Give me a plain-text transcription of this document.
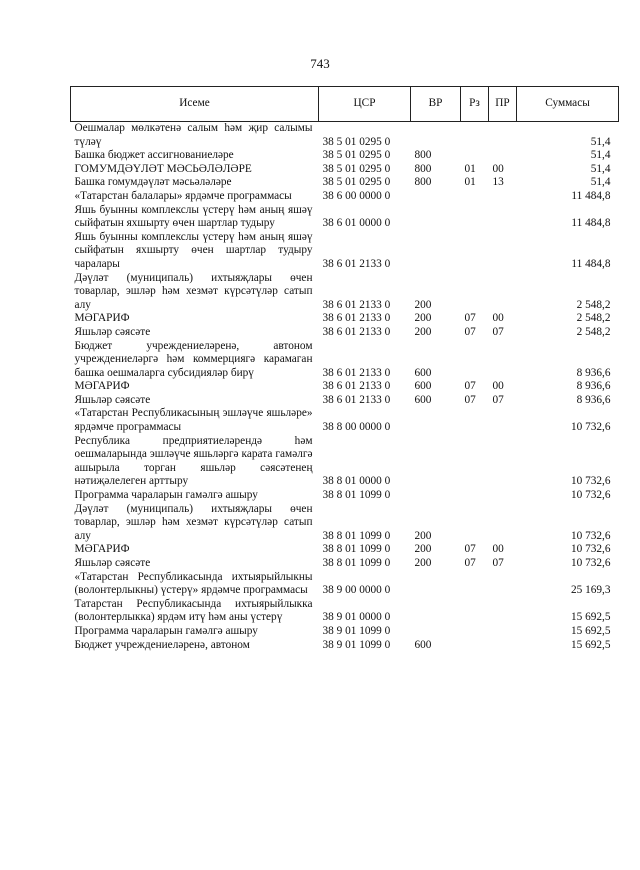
743
Исеме	ЦСР	ВР	Рз	ПР	Суммасы
Оешмалар мөлкәтенә салым һәм җир салымы түләү	38 5 01 0295 0				51,4
Башка бюджет ассигнованиеләре	38 5 01 0295 0	800			51,4
ГОМУМДӘҮЛӘТ МӘСЬӘЛӘЛӘРЕ	38 5 01 0295 0	800	01	00	51,4
Башка гомумдәүләт мәсьәләләре	38 5 01 0295 0	800	01	13	51,4
«Татарстан балалары» ярдәмче программасы	38 6 00 0000 0				11 484,8
Яшь буынны комплекслы үстерү һәм аның яшәү сыйфатын яхшырту өчен шартлар тудыру	38 6 01 0000 0				11 484,8
Яшь буынны комплекслы үстерү һәм аның яшәү сыйфатын яхшырту өчен шартлар тудыру чаралары	38 6 01 2133 0				11 484,8
Дәүләт (муниципаль) ихтыяҗлары өчен товарлар, эшләр һәм хезмәт күрсәтүләр сатып алу	38 6 01 2133 0	200			2 548,2
МӘГАРИФ	38 6 01 2133 0	200	07	00	2 548,2
Яшьләр сәясәте	38 6 01 2133 0	200	07	07	2 548,2
Бюджет учреждениеләренә, автоном учреждениеләргә һәм коммерциягә карамаган башка оешмаларга субсидияләр бирү	38 6 01 2133 0	600			8 936,6
МӘГАРИФ	38 6 01 2133 0	600	07	00	8 936,6
Яшьләр сәясәте	38 6 01 2133 0	600	07	07	8 936,6
«Татарстан Республикасының эшләүче яшьләре» ярдәмче программасы	38 8 00 0000 0				10 732,6
Республика предприятиеләрендә һәм оешмаларында эшләүче яшьләргә карата гамәлгә ашырыла торган яшьләр сәясәтенең нәтиҗәлелеген арттыру	38 8 01 0000 0				10 732,6
Программа чараларын гамәлгә ашыру	38 8 01 1099 0				10 732,6
Дәүләт (муниципаль) ихтыяҗлары өчен товарлар, эшләр һәм хезмәт күрсәтүләр сатып алу	38 8 01 1099 0	200			10 732,6
МӘГАРИФ	38 8 01 1099 0	200	07	00	10 732,6
Яшьләр сәясәте	38 8 01 1099 0	200	07	07	10 732,6
«Татарстан Республикасында ихтыярыйлыкны (волонтерлыкны) үстерү» ярдәмче программасы	38 9 00 0000 0				25 169,3
Татарстан Республикасында ихтыярыйлыкка (волонтерлыкка) ярдәм итү һәм аны үстерү	38 9 01 0000 0				15 692,5
Программа чараларын гамәлгә ашыру	38 9 01 1099 0				15 692,5
Бюджет учреждениеләренә, автоном	38 9 01 1099 0	600			15 692,5
